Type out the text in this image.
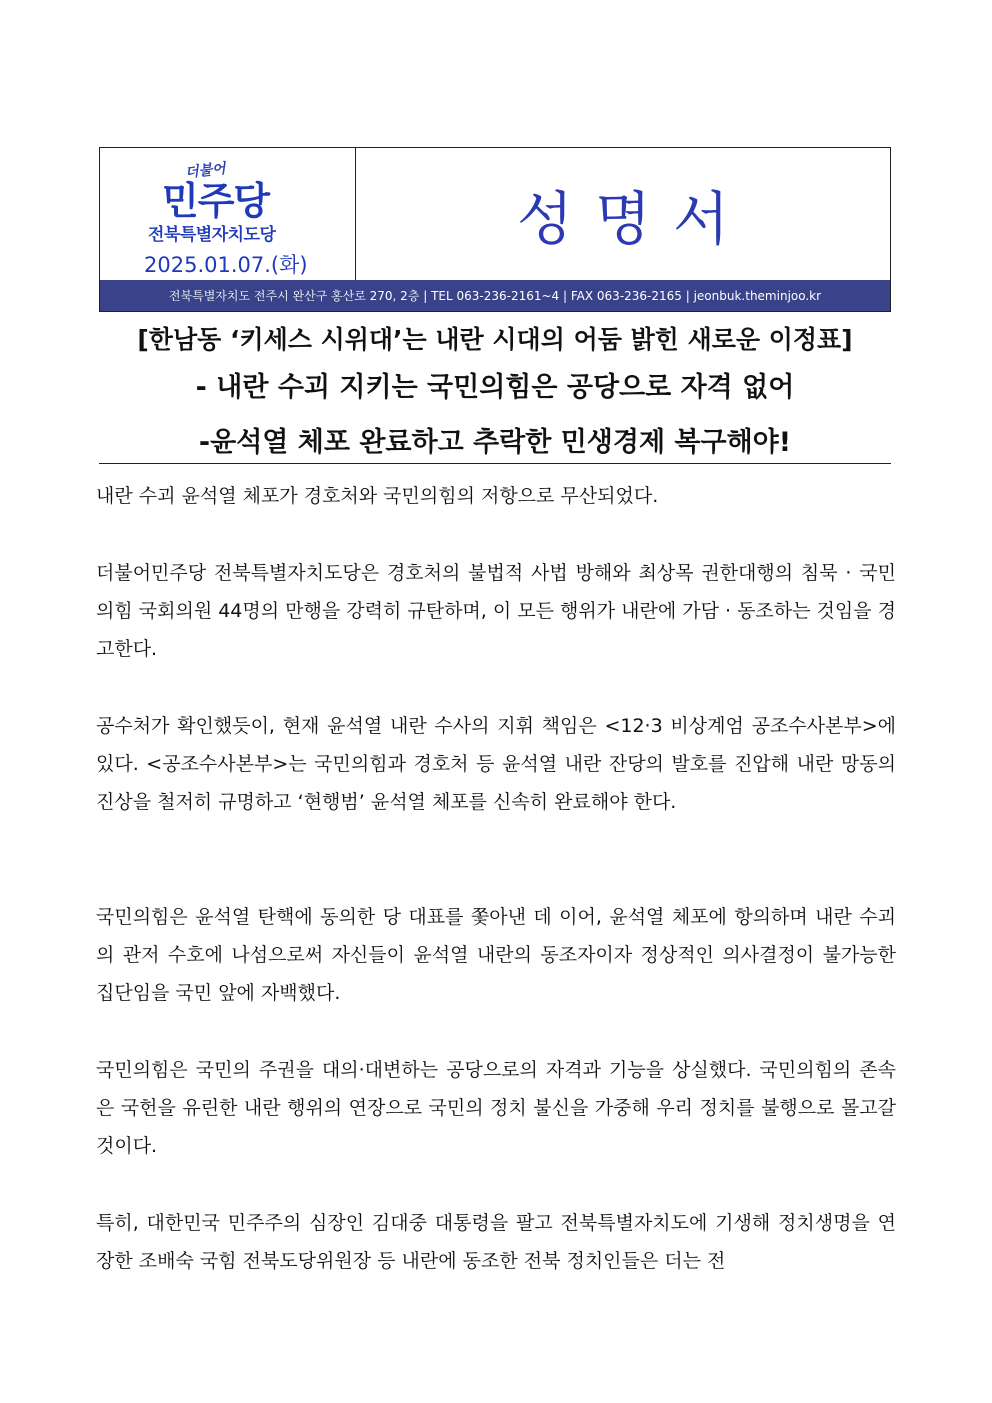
더불어
민주당
전북특별자치도당
2025.01.07.(화)
성명서
전북특별자치도 전주시 완산구 홍산로 270, 2층 | TEL 063-236-2161~4 | FAX 063-236-2165 | jeonbuk.theminjoo.kr
[한남동 ‘키세스 시위대’는 내란 시대의 어둠 밝힌 새로운 이정표]
- 내란 수괴 지키는 국민의힘은 공당으로 자격 없어
-윤석열 체포 완료하고 추락한 민생경제 복구해야!
내란 수괴 윤석열 체포가 경호처와 국민의힘의 저항으로 무산되었다.
더불어민주당 전북특별자치도당은 경호처의 불법적 사법 방해와 최상목 권한대행의 침묵 · 국민의힘 국회의원 44명의 만행을 강력히 규탄하며, 이 모든 행위가 내란에 가담 · 동조하는 것임을 경고한다.
공수처가 확인했듯이, 현재 윤석열 내란 수사의 지휘 책임은 <12·3 비상계엄 공조수사본부>에 있다. <공조수사본부>는 국민의힘과 경호처 등 윤석열 내란 잔당의 발호를 진압해 내란 망동의 진상을 철저히 규명하고 ‘현행범’ 윤석열 체포를 신속히 완료해야 한다.
국민의힘은 윤석열 탄핵에 동의한 당 대표를 쫓아낸 데 이어, 윤석열 체포에 항의하며 내란 수괴의 관저 수호에 나섬으로써 자신들이 윤석열 내란의 동조자이자 정상적인 의사결정이 불가능한 집단임을 국민 앞에 자백했다.
국민의힘은 국민의 주권을 대의·대변하는 공당으로의 자격과 기능을 상실했다. 국민의힘의 존속은 국헌을 유린한 내란 행위의 연장으로 국민의 정치 불신을 가중해 우리 정치를 불행으로 몰고갈 것이다.
특히, 대한민국 민주주의 심장인 김대중 대통령을 팔고 전북특별자치도에 기생해 정치생명을 연장한 조배숙 국힘 전북도당위원장 등 내란에 동조한 전북 정치인들은 더는 전
